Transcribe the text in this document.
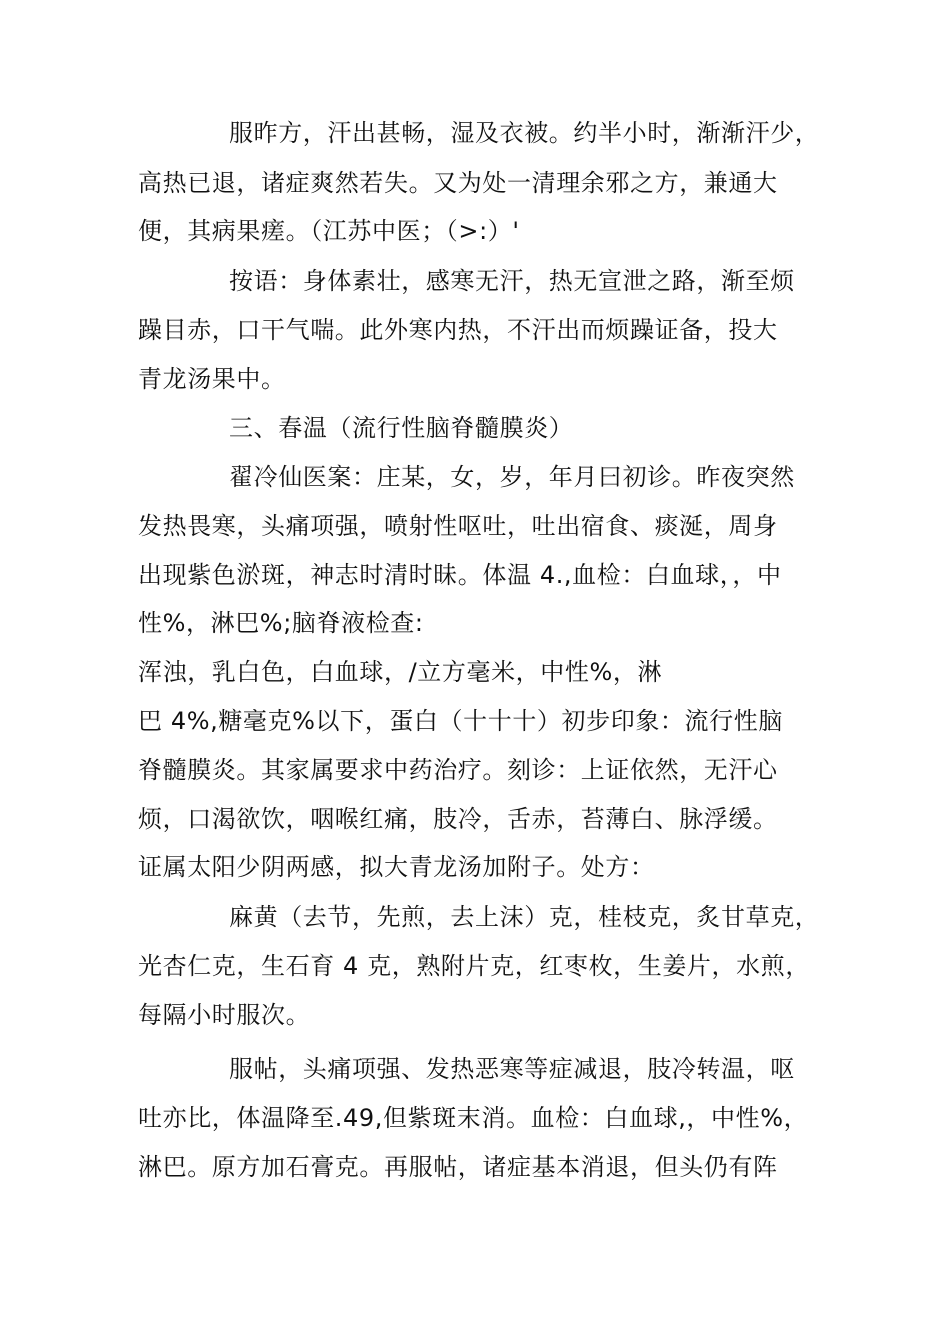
服昨方，汗出甚畅，湿及衣被。约半小时，渐渐汗少，
高热已退，诸症爽然若失。又为处一清理余邪之方，兼通大
便，其病果瘥。（江苏中医；（>:）'
按语：身体素壮，感寒无汗，热无宣泄之路，渐至烦
躁目赤，口干气喘。此外寒内热，不汗出而烦躁证备，投大
青龙汤果中。
三、春温（流行性脑脊髓膜炎）
翟冷仙医案：庄某，女，岁，年月曰初诊。昨夜突然
发热畏寒，头痛项强，喷射性呕吐，吐出宿食、痰涎，周身
出现紫色淤斑，神志时清时昧。体温 4.,血检：白血球，，中
性%，淋巴%;脑脊液检查:
浑浊，乳白色，白血球，/立方毫米，中性%，淋
巴 4%,糖毫克%以下，蛋白（十十十）初步印象：流行性脑
脊髓膜炎。其家属要求中药治疗。刻诊：上证依然，无汗心
烦，口渴欲饮，咽喉红痛，肢冷，舌赤，苔薄白、脉浮缓。
证属太阳少阴两感，拟大青龙汤加附子。处方：
麻黄（去节，先煎，去上沫）克，桂枝克，炙甘草克，
光杏仁克，生石育 4 克，熟附片克，红枣枚，生姜片，水煎，
每隔小时服次。
服帖，头痛项强、发热恶寒等症减退，肢冷转温，呕
吐亦比，体温降至.49,但紫斑末消。血检：白血球,，中性%，
淋巴。原方加石膏克。再服帖，诸症基本消退，但头仍有阵
